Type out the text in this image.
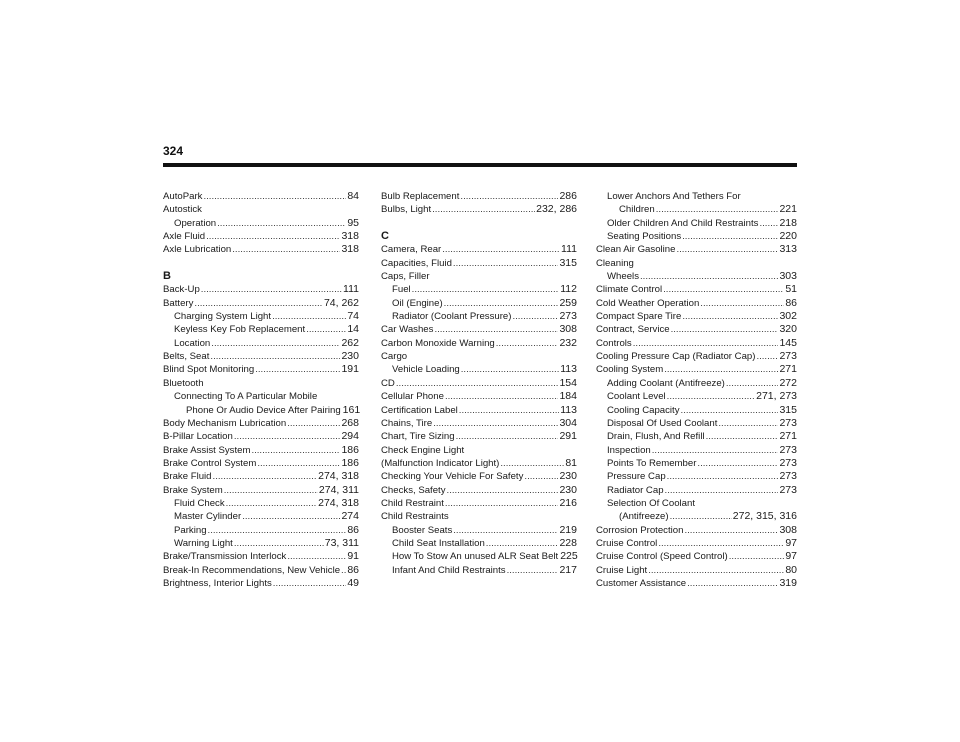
324
AutoPark .....	84
Autostick
Operation .....	95
Axle Fluid .....	318
Axle Lubrication .....	318
B
Back-Up .....	111
Battery .....	74, 262
Charging System Light .....	74
Keyless Key Fob Replacement .....	14
Location .....	262
Belts, Seat .....	230
Blind Spot Monitoring .....	191
Bluetooth
Connecting To A Particular Mobile
Phone Or Audio Device After Pairing 161
Body Mechanism Lubrication .....	268
B-Pillar Location .....	294
Brake Assist System .....	186
Brake Control System .....	186
Brake Fluid .....	274, 318
Brake System .....	274, 311
Fluid Check .....	274, 318
Master Cylinder .....	274
Parking .....	86
Warning Light .....	73, 311
Brake/Transmission Interlock .....	91
Break-In Recommendations, New Vehicle ..... 86
Brightness, Interior Lights .....	49
Bulb Replacement .....	286
Bulbs, Light .....	232, 286
C
Camera, Rear .....	111
Capacities, Fluid .....	315
Caps, Filler
Fuel .....	112
Oil (Engine) .....	259
Radiator (Coolant Pressure) .....	273
Car Washes .....	308
Carbon Monoxide Warning .....	232
Cargo
Vehicle Loading .....	113
CD .....	154
Cellular Phone .....	184
Certification Label .....	113
Chains, Tire .....	304
Chart, Tire Sizing .....	291
Check Engine Light
(Malfunction Indicator Light) .....	81
Checking Your Vehicle For Safety .....	230
Checks, Safety .....	230
Child Restraint .....	216
Child Restraints
Booster Seats .....	219
Child Seat Installation .....	228
How To Stow An unused ALR Seat Belt 225
Infant And Child Restraints .....	217
Lower Anchors And Tethers For
Children .....	221
Older Children And Child Restraints ..... 218
Seating Positions .....	220
Clean Air Gasoline .....	313
Cleaning
Wheels .....	303
Climate Control .....	51
Cold Weather Operation .....	86
Compact Spare Tire .....	302
Contract, Service .....	320
Controls .....	145
Cooling Pressure Cap (Radiator Cap) ..... 273
Cooling System .....	271
Adding Coolant (Antifreeze) .....	272
Coolant Level .....	271, 273
Cooling Capacity .....	315
Disposal Of Used Coolant .....	273
Drain, Flush, And Refill .....	271
Inspection .....	273
Points To Remember .....	273
Pressure Cap .....	273
Radiator Cap .....	273
Selection Of Coolant
(Antifreeze) .....	272, 315, 316
Corrosion Protection .....	308
Cruise Control .....	97
Cruise Control (Speed Control) .....	97
Cruise Light .....	80
Customer Assistance .....	319
